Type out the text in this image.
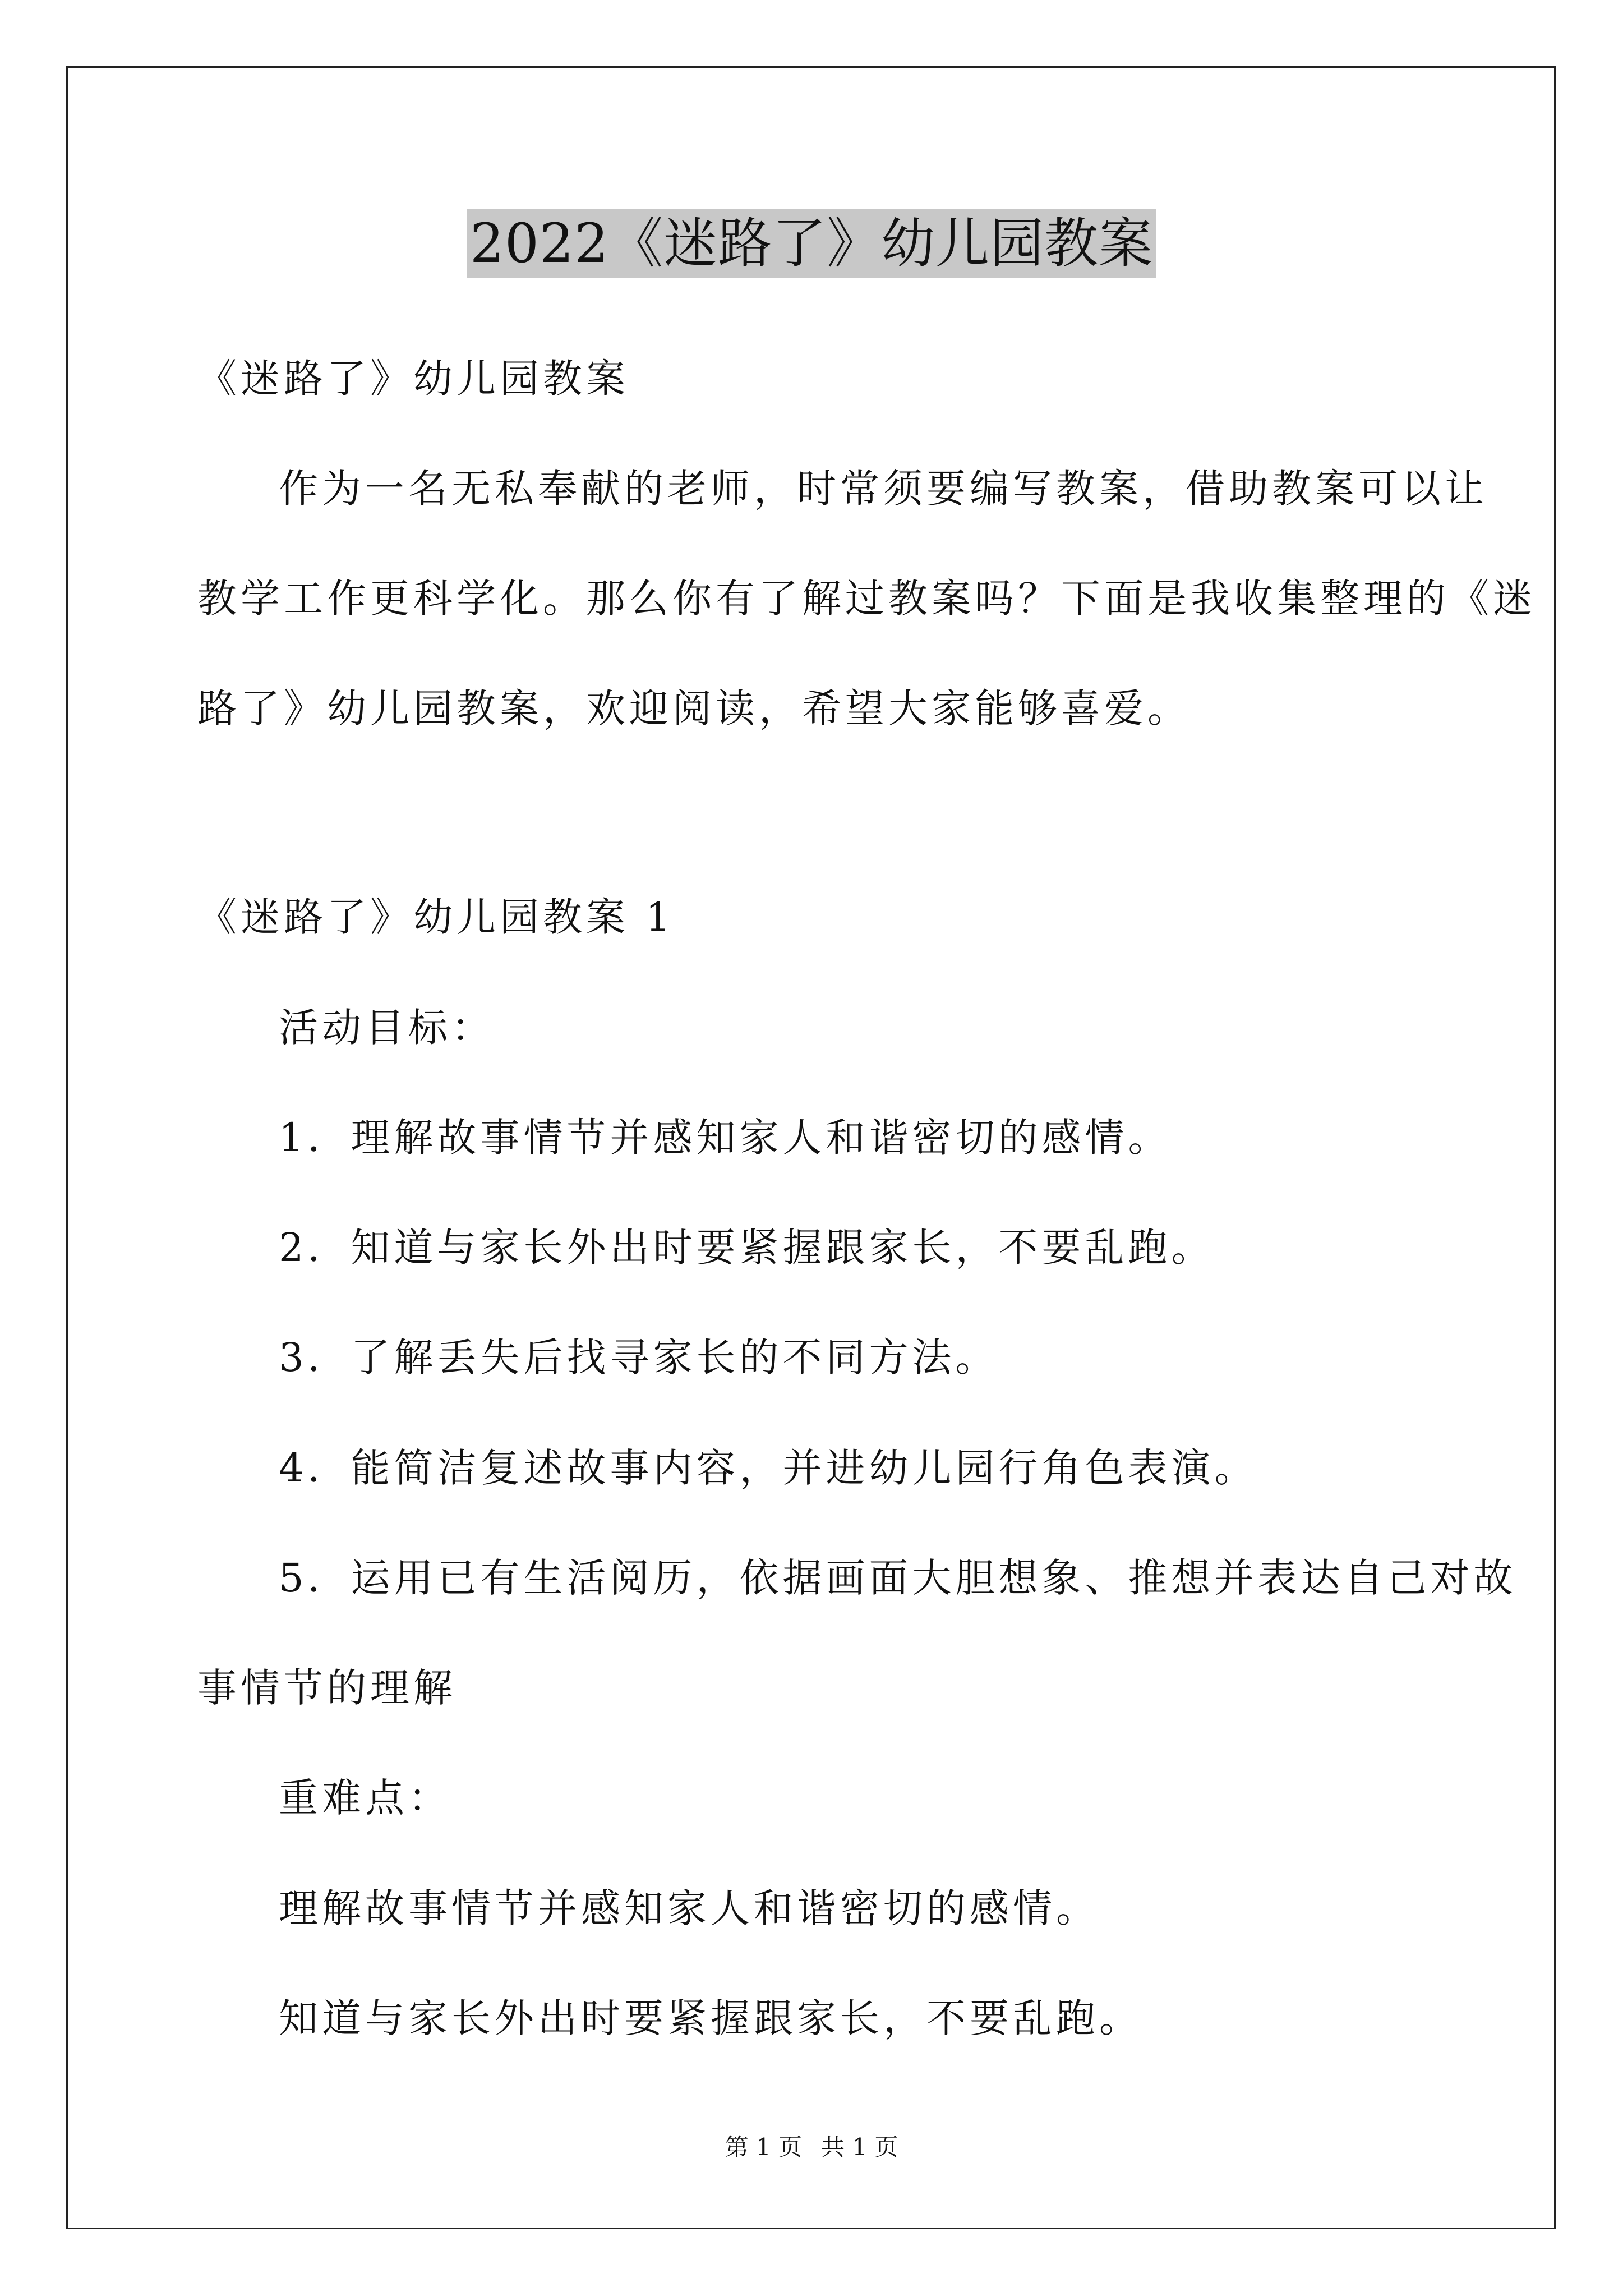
2022《迷路了》幼儿园教案
《迷路了》幼儿园教案
作为一名无私奉献的老师，时常须要编写教案，借助教案可以让
教学工作更科学化。那么你有了解过教案吗？下面是我收集整理的《迷
路了》幼儿园教案，欢迎阅读，希望大家能够喜爱。
《迷路了》幼儿园教案 1
活动目标：
1．理解故事情节并感知家人和谐密切的感情。
2．知道与家长外出时要紧握跟家长，不要乱跑。
3．了解丢失后找寻家长的不同方法。
4．能简洁复述故事内容，并进幼儿园行角色表演。
5．运用已有生活阅历，依据画面大胆想象、推想并表达自己对故
事情节的理解
重难点：
理解故事情节并感知家人和谐密切的感情。
知道与家长外出时要紧握跟家长，不要乱跑。
第 1 页 共 1 页
